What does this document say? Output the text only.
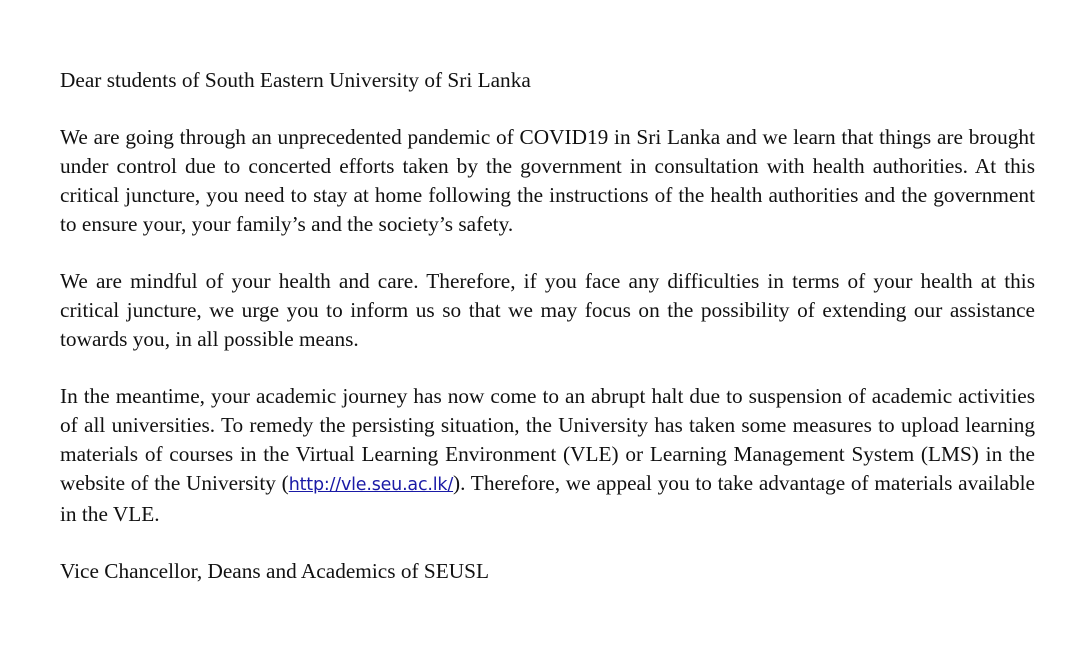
Dear students of South Eastern University of Sri Lanka

We are going through an unprecedented pandemic of COVID19 in Sri Lanka and we learn that things are brought under control due to concerted efforts taken by the government in consultation with health authorities. At this critical juncture, you need to stay at home following the instructions of the health authorities and the government to ensure your, your family’s and the society’s safety.

We are mindful of your health and care. Therefore, if you face any difficulties in terms of your health at this critical juncture, we urge you to inform us so that we may focus on the possibility of extending our assistance towards you, in all possible means.

In the meantime, your academic journey has now come to an abrupt halt due to suspension of academic activities of all universities. To remedy the persisting situation, the University has taken some measures to upload learning materials of courses in the Virtual Learning Environment (VLE) or Learning Management System (LMS) in the website of the University (http://vle.seu.ac.lk/). Therefore, we appeal you to take advantage of materials available in the VLE.

Vice Chancellor, Deans and Academics of SEUSL
